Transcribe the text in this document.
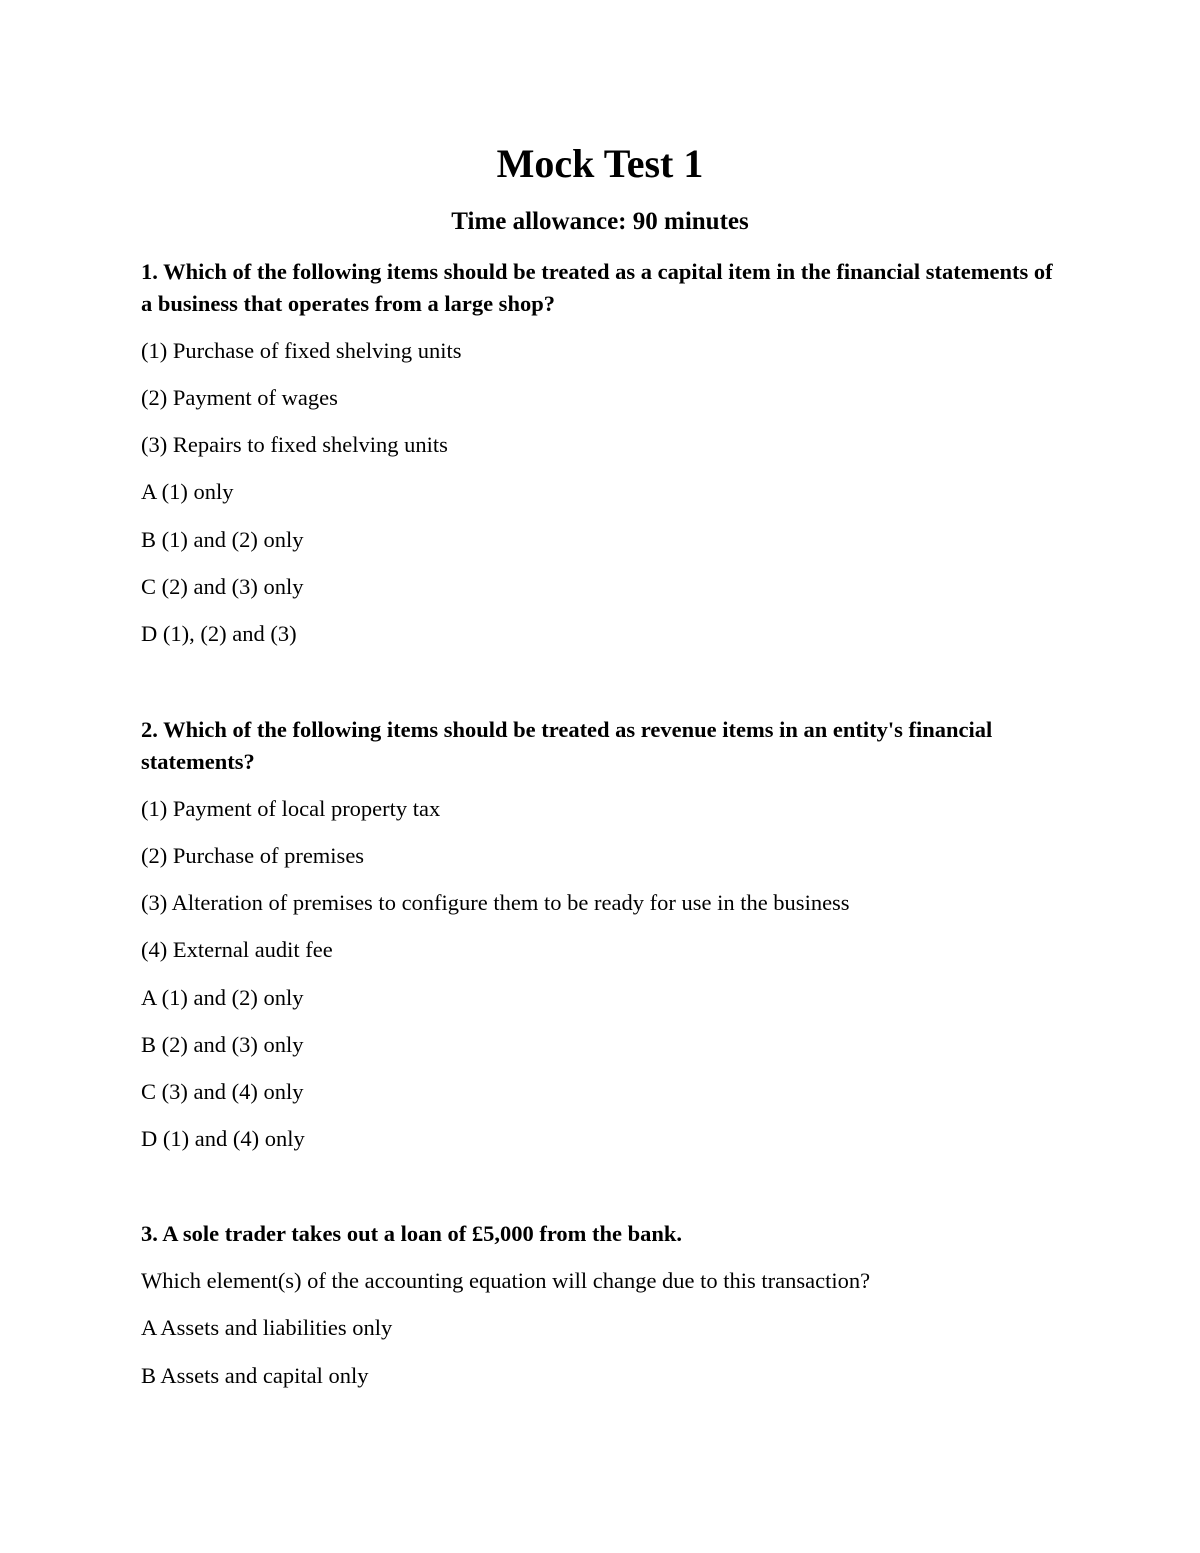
Mock Test 1
Time allowance: 90 minutes
1. Which of the following items should be treated as a capital item in the financial statements of a business that operates from a large shop?
(1) Purchase of fixed shelving units
(2) Payment of wages
(3) Repairs to fixed shelving units
A (1) only
B (1) and (2) only
C (2) and (3) only
D (1), (2) and (3)
2. Which of the following items should be treated as revenue items in an entity's financial statements?
(1) Payment of local property tax
(2) Purchase of premises
(3) Alteration of premises to configure them to be ready for use in the business
(4) External audit fee
A (1) and (2) only
B (2) and (3) only
C (3) and (4) only
D (1) and (4) only
3. A sole trader takes out a loan of £5,000 from the bank.
Which element(s) of the accounting equation will change due to this transaction?
A Assets and liabilities only
B Assets and capital only
